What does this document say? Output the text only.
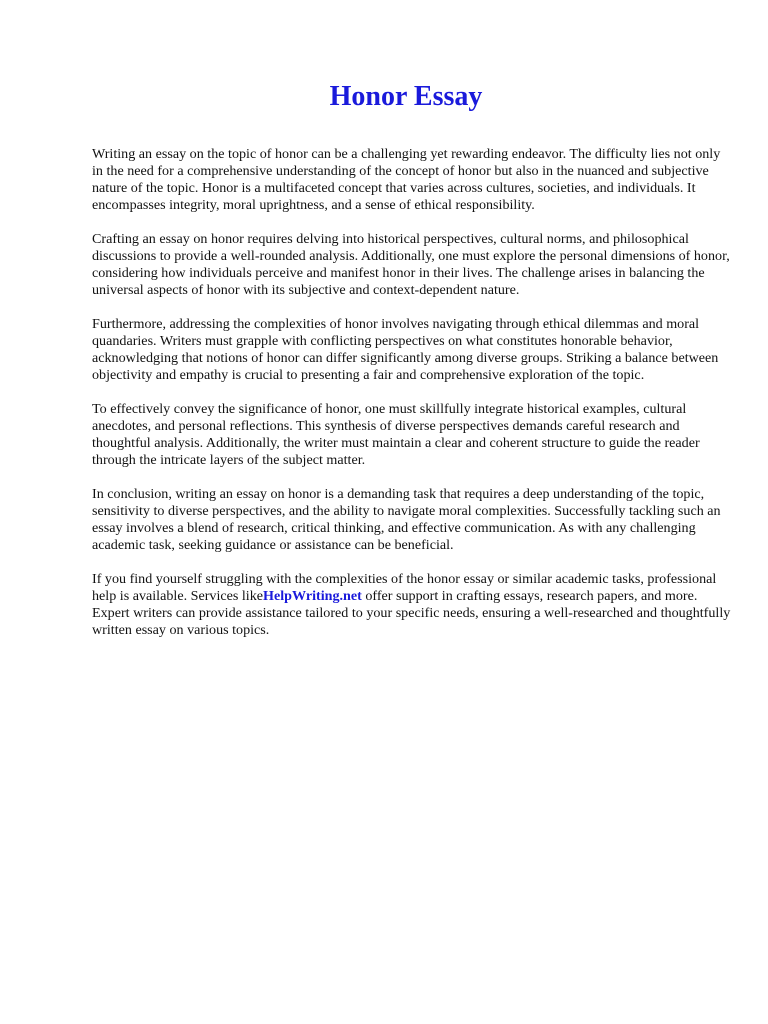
Honor Essay

Writing an essay on the topic of honor can be a challenging yet rewarding endeavor. The difficulty lies not only in the need for a comprehensive understanding of the concept of honor but also in the nuanced and subjective nature of the topic. Honor is a multifaceted concept that varies across cultures, societies, and individuals. It encompasses integrity, moral uprightness, and a sense of ethical responsibility.

Crafting an essay on honor requires delving into historical perspectives, cultural norms, and philosophical discussions to provide a well-rounded analysis. Additionally, one must explore the personal dimensions of honor, considering how individuals perceive and manifest honor in their lives. The challenge arises in balancing the universal aspects of honor with its subjective and context-dependent nature.

Furthermore, addressing the complexities of honor involves navigating through ethical dilemmas and moral quandaries. Writers must grapple with conflicting perspectives on what constitutes honorable behavior, acknowledging that notions of honor can differ significantly among diverse groups. Striking a balance between objectivity and empathy is crucial to presenting a fair and comprehensive exploration of the topic.

To effectively convey the significance of honor, one must skillfully integrate historical examples, cultural anecdotes, and personal reflections. This synthesis of diverse perspectives demands careful research and thoughtful analysis. Additionally, the writer must maintain a clear and coherent structure to guide the reader through the intricate layers of the subject matter.

In conclusion, writing an essay on honor is a demanding task that requires a deep understanding of the topic, sensitivity to diverse perspectives, and the ability to navigate moral complexities. Successfully tackling such an essay involves a blend of research, critical thinking, and effective communication. As with any challenging academic task, seeking guidance or assistance can be beneficial.

If you find yourself struggling with the complexities of the honor essay or similar academic tasks, professional help is available. Services likeHelpWriting.net offer support in crafting essays, research papers, and more. Expert writers can provide assistance tailored to your specific needs, ensuring a well-researched and thoughtfully written essay on various topics.
